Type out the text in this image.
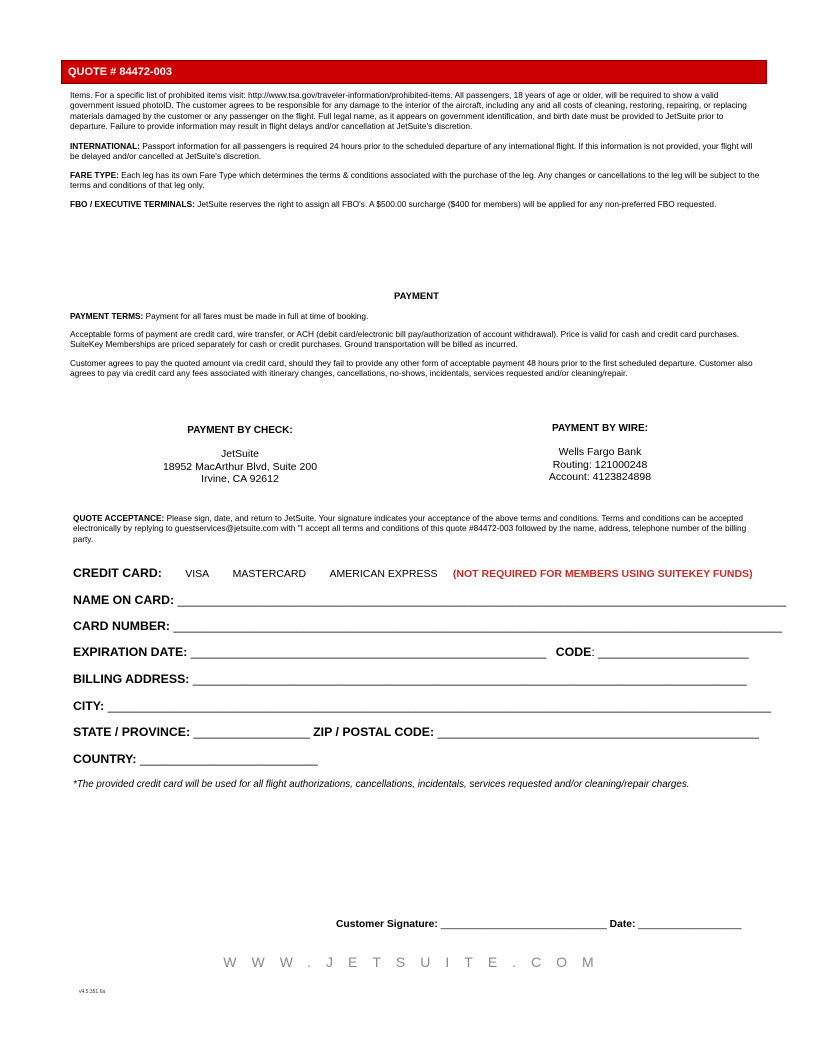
QUOTE # 84472-003

Items. For a specific list of prohibited items visit: http://www.tsa.gov/traveler-information/prohibited-items. All passengers, 18 years of age or older, will be required to show a valid government issued photoID. The customer agrees to be responsible for any damage to the interior of the aircraft, including any and all costs of cleaning, restoring, repairing, or replacing materials damaged by the customer or any passenger on the flight. Full legal name, as it appears on government identification, and birth date must be provided to JetSuite prior to departure. Failure to provide information may result in flight delays and/or cancellation at JetSuite's discretion.

INTERNATIONAL: Passport information for all passengers is required 24 hours prior to the scheduled departure of any international flight. If this information is not provided, your flight will be delayed and/or cancelled at JetSuite's discretion.

FARE TYPE: Each leg has its own Fare Type which determines the terms & conditions associated with the purchase of the leg. Any changes or cancellations to the leg will be subject to the terms and conditions of that leg only.

FBO / EXECUTIVE TERMINALS: JetSuite reserves the right to assign all FBO's. A $500.00 surcharge ($400 for members) will be applied for any non-preferred FBO requested.

PAYMENT

PAYMENT TERMS: Payment for all fares must be made in full at time of booking.

Acceptable forms of payment are credit card, wire transfer, or ACH (debit card/electronic bill pay/authorization of account withdrawal). Price is valid for cash and credit card purchases. SuiteKey Memberships are priced separately for cash or credit purchases. Ground transportation will be billed as incurred.

Customer agrees to pay the quoted amount via credit card, should they fail to provide any other form of acceptable payment 48 hours prior to the first scheduled departure. Customer also agrees to pay via credit card any fees associated with itinerary changes, cancellations, no-shows, incidentals, services requested and/or cleaning/repair.

PAYMENT BY CHECK:
JetSuite
18952 MacArthur Blvd, Suite 200
Irvine, CA 92612
PAYMENT BY WIRE:
Wells Fargo Bank
Routing: 121000248
Account: 4123824898

QUOTE ACCEPTANCE: Please sign, date, and return to JetSuite. Your signature indicates your acceptance of the above terms and conditions. Terms and conditions can be accepted electronically by replying to guestservices@jetsuite.com with "I accept all terms and conditions of this quote #84472-003 followed by the name, address, telephone number of the billing party.

CREDIT CARD: VISA MASTERCARD AMERICAN EXPRESS (NOT REQUIRED FOR MEMBERS USING SUITEKEY FUNDS)
NAME ON CARD: _________________________________________________________________________________________
CARD NUMBER: _________________________________________________________________________________________
EXPIRATION DATE: ____________________________________________________ CODE: ______________________
BILLING ADDRESS: _________________________________________________________________________________
CITY: _________________________________________________________________________________________________
STATE / PROVINCE: _________________ ZIP / POSTAL CODE: _______________________________________________
COUNTRY: __________________________
*The provided credit card will be used for all flight authorizations, cancellations, incidentals, services requested and/or cleaning/repair charges.
Customer Signature: _____________________________ Date: __________________
WWW.JETSUITE.COM
v4.5.351.6a
